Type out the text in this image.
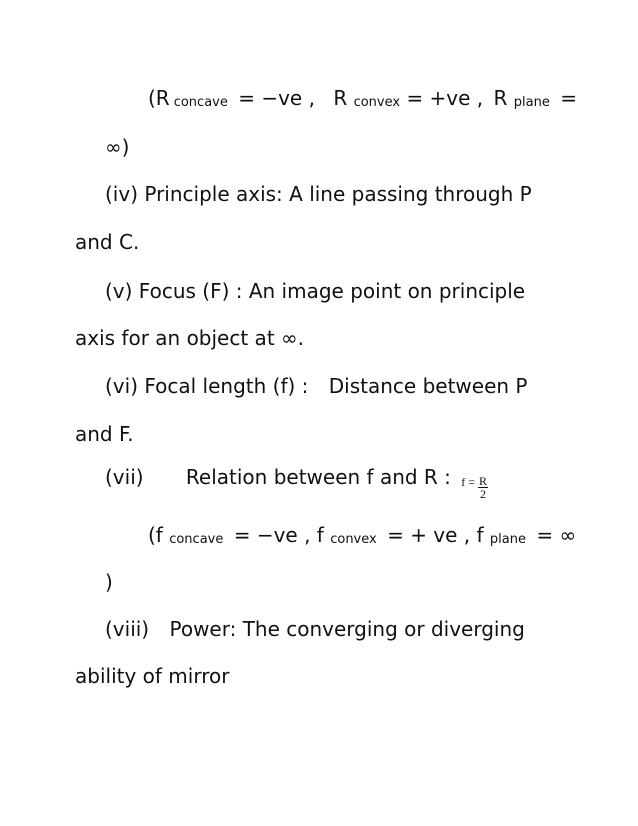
(Rconcave = −ve , R convex = +ve , R plane =
∞)
(iv) Principle axis: A line passing through P
and C.
(v) Focus (F) : An image point on principle
axis for an object at ∞.
(vi) Focal length (f) : Distance between P
and F.
(vii) Relation between f and R : $f = \frac{R}{2}$
(f concave = −ve , f convex = + ve , f plane = ∞
)
(viii) Power: The converging or diverging
ability of mirror
